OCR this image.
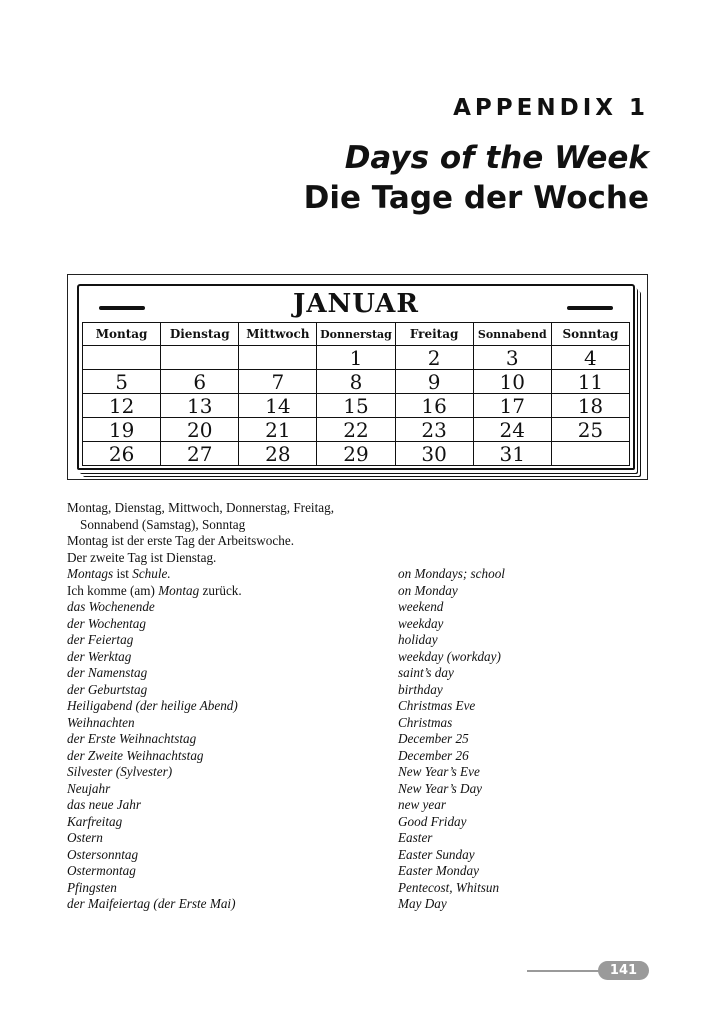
APPENDIX 1
Days of the Week
Die Tage der Woche
JANUAR
Montag	Dienstag	Mittwoch	Donnerstag	Freitag	Sonnabend	Sonntag
			1	2	3	4
5	6	7	8	9	10	11
12	13	14	15	16	17	18
19	20	21	22	23	24	25
26	27	28	29	30	31	
Montag, Dienstag, Mittwoch, Donnerstag, Freitag,
Sonnabend (Samstag), Sonntag
Montag ist der erste Tag der Arbeitswoche.
Der zweite Tag ist Dienstag.
Montags ist Schule.	on Mondays; school
Ich komme (am) Montag zurück.	on Monday
das Wochenende	weekend
der Wochentag	weekday
der Feiertag	holiday
der Werktag	weekday (workday)
der Namenstag	saint’s day
der Geburtstag	birthday
Heiligabend (der heilige Abend)	Christmas Eve
Weihnachten	Christmas
der Erste Weihnachtstag	December 25
der Zweite Weihnachtstag	December 26
Silvester (Sylvester)	New Year’s Eve
Neujahr	New Year’s Day
das neue Jahr	new year
Karfreitag	Good Friday
Ostern	Easter
Ostersonntag	Easter Sunday
Ostermontag	Easter Monday
Pfingsten	Pentecost, Whitsun
der Maifeiertag (der Erste Mai)	May Day
141
